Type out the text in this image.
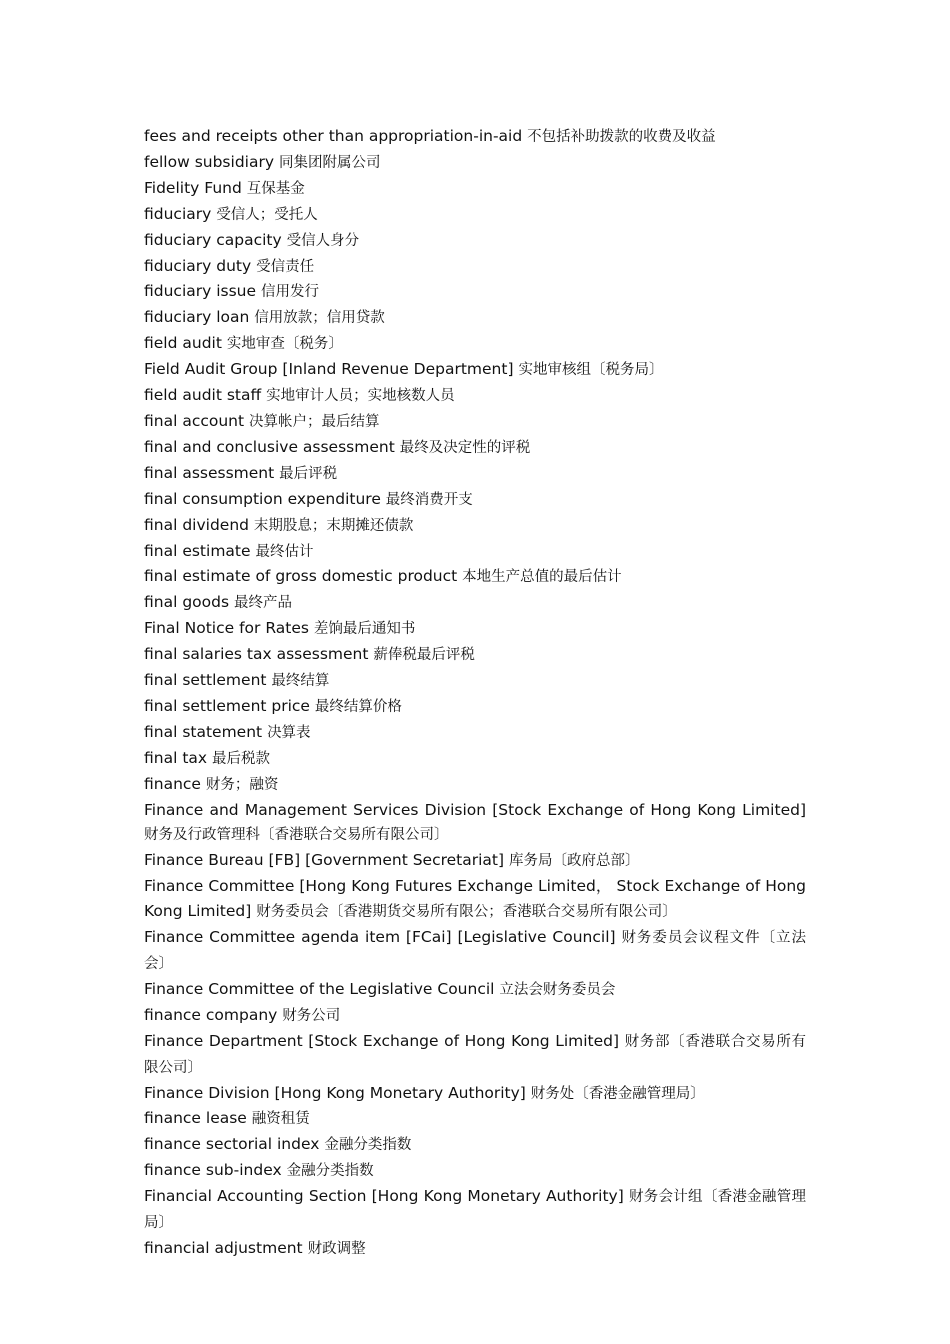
fees and receipts other than appropriation-in-aid 不包括补助拨款的收费及收益

fellow subsidiary 同集团附属公司

Fidelity Fund 互保基金

fiduciary 受信人；受托人

fiduciary capacity 受信人身分

fiduciary duty 受信责任

fiduciary issue 信用发行

fiduciary loan 信用放款；信用贷款

field audit 实地审查〔税务〕

Field Audit Group [Inland Revenue Department] 实地审核组〔税务局〕

field audit staff 实地审计人员；实地核数人员

final account 决算帐户；最后结算

final and conclusive assessment 最终及决定性的评税

final assessment 最后评税

final consumption expenditure 最终消费开支

final dividend 末期股息；末期摊还债款

final estimate 最终估计

final estimate of gross domestic product 本地生产总值的最后估计

final goods 最终产品

Final Notice for Rates 差饷最后通知书

final salaries tax assessment 薪俸税最后评税

final settlement 最终结算

final settlement price 最终结算价格

final statement 决算表

final tax 最后税款

finance 财务；融资

Finance and Management Services Division [Stock Exchange of Hong Kong Limited] 财务及行政管理科〔香港联合交易所有限公司〕

Finance Bureau [FB] [Government Secretariat] 库务局〔政府总部〕

Finance Committee [Hong Kong Futures Exchange Limited， Stock Exchange of Hong Kong Limited] 财务委员会〔香港期货交易所有限公；香港联合交易所有限公司〕

Finance Committee agenda item [FCai] [Legislative Council] 财务委员会议程文件〔立法会〕

Finance Committee of the Legislative Council 立法会财务委员会

finance company 财务公司

Finance Department [Stock Exchange of Hong Kong Limited] 财务部〔香港联合交易所有限公司〕

Finance Division [Hong Kong Monetary Authority] 财务处〔香港金融管理局〕

finance lease 融资租赁

finance sectorial index 金融分类指数

finance sub-index 金融分类指数

Financial Accounting Section [Hong Kong Monetary Authority] 财务会计组〔香港金融管理局〕

financial adjustment 财政调整
